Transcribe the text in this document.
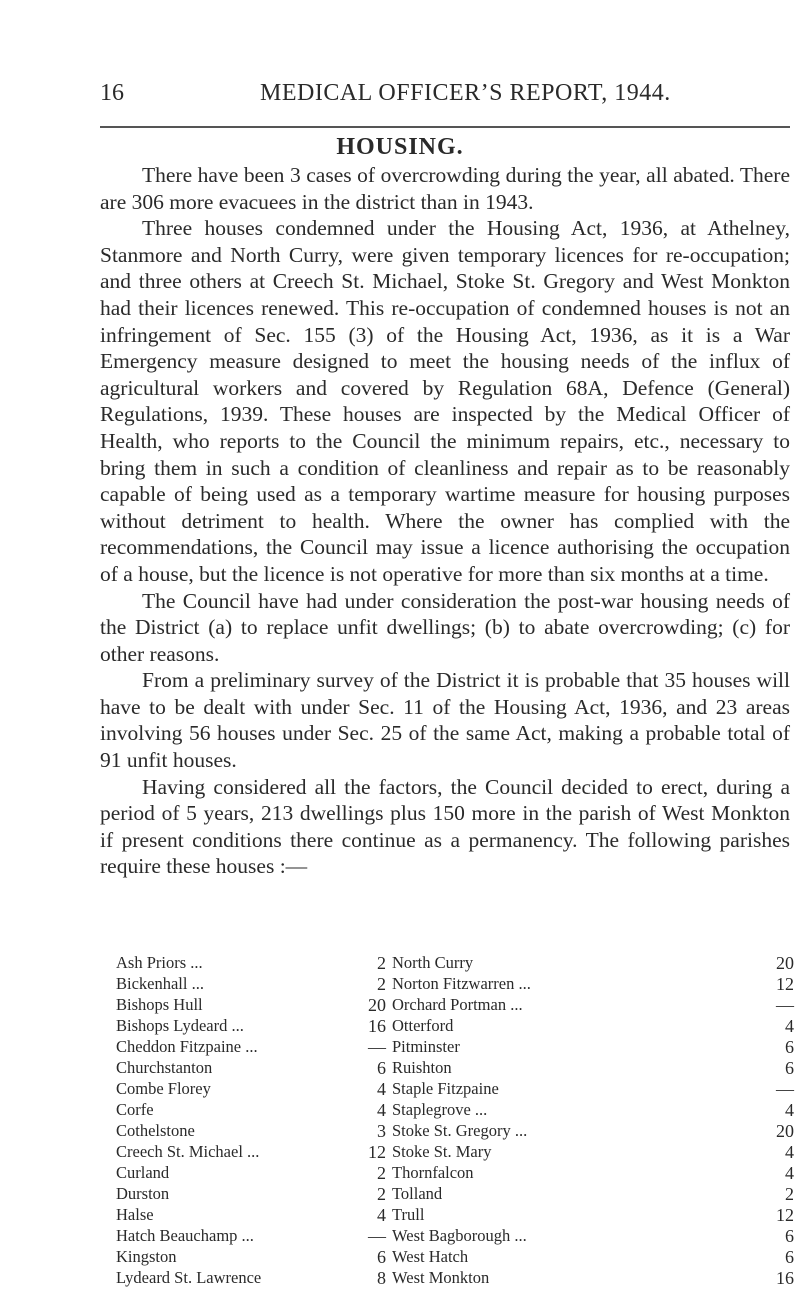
16	MEDICAL OFFICER’S REPORT, 1944.
HOUSING.

There have been 3 cases of overcrowding during the year, all abated. There are 306 more evacuees in the district than in 1943.

Three houses condemned under the Housing Act, 1936, at Athelney, Stanmore and North Curry, were given temporary licences for re-occupation; and three others at Creech St. Michael, Stoke St. Gregory and West Monkton had their licences renewed. This re-occupation of condemned houses is not an infringement of Sec. 155 (3) of the Housing Act, 1936, as it is a War Emergency measure designed to meet the housing needs of the influx of agricultural workers and covered by Regulation 68A, Defence (General) Regulations, 1939. These houses are inspected by the Medical Officer of Health, who reports to the Council the minimum repairs, etc., necessary to bring them in such a condition of cleanliness and repair as to be reasonably capable of being used as a temporary wartime measure for housing purposes without detriment to health. Where the owner has complied with the recommendations, the Council may issue a licence authorising the occupation of a house, but the licence is not operative for more than six months at a time.

The Council have had under consideration the post-war housing needs of the District (a) to replace unfit dwellings; (b) to abate overcrowding; (c) for other reasons.

From a preliminary survey of the District it is probable that 35 houses will have to be dealt with under Sec. 11 of the Housing Act, 1936, and 23 areas involving 56 houses under Sec. 25 of the same Act, making a probable total of 91 unfit houses.

Having considered all the factors, the Council decided to erect, during a period of 5 years, 213 dwellings plus 150 more in the parish of West Monkton if present conditions there continue as a permanency. The following parishes require these houses :—

Ash Priors ...	2 North Curry	20
Bickenhall ...	2 Norton Fitzwarren ...	12
Bishops Hull	20 Orchard Portman ...	—
Bishops Lydeard ...	16 Otterford	4
Cheddon Fitzpaine ...	— Pitminster	6
Churchstanton	6 Ruishton	6
Combe Florey	4 Staple Fitzpaine	—
Corfe	4 Staplegrove ...	4
Cothelstone	3 Stoke St. Gregory ...	20
Creech St. Michael ...	12 Stoke St. Mary	4
Curland	2 Thornfalcon	4
Durston	2 Tolland	2
Halse	4 Trull	12
Hatch Beauchamp ...	— West Bagborough ...	6
Kingston	6 West Hatch	6
Lydeard St. Lawrence	8 West Monkton	16
